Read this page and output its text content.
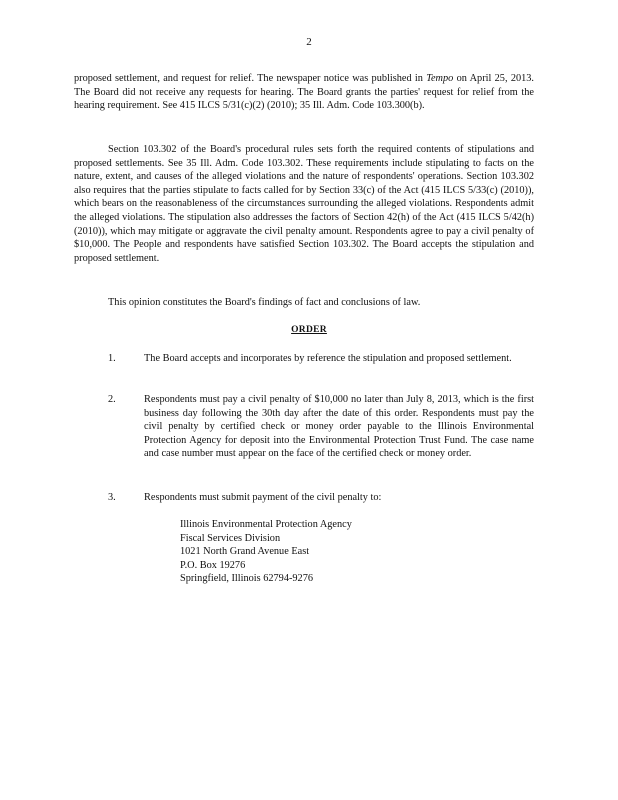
2

proposed settlement, and request for relief. The newspaper notice was published in Tempo on April 25, 2013. The Board did not receive any requests for hearing. The Board grants the parties' request for relief from the hearing requirement. See 415 ILCS 5/31(c)(2) (2010); 35 Ill. Adm. Code 103.300(b).

Section 103.302 of the Board's procedural rules sets forth the required contents of stipulations and proposed settlements. See 35 Ill. Adm. Code 103.302. These requirements include stipulating to facts on the nature, extent, and causes of the alleged violations and the nature of respondents' operations. Section 103.302 also requires that the parties stipulate to facts called for by Section 33(c) of the Act (415 ILCS 5/33(c) (2010)), which bears on the reasonableness of the circumstances surrounding the alleged violations. Respondents admit the alleged violations. The stipulation also addresses the factors of Section 42(h) of the Act (415 ILCS 5/42(h) (2010)), which may mitigate or aggravate the civil penalty amount. Respondents agree to pay a civil penalty of $10,000. The People and respondents have satisfied Section 103.302. The Board accepts the stipulation and proposed settlement.

This opinion constitutes the Board's findings of fact and conclusions of law.

ORDER
1.	The Board accepts and incorporates by reference the stipulation and proposed settlement.
2.	Respondents must pay a civil penalty of $10,000 no later than July 8, 2013, which is the first business day following the 30th day after the date of this order. Respondents must pay the civil penalty by certified check or money order payable to the Illinois Environmental Protection Agency for deposit into the Environmental Protection Trust Fund. The case name and case number must appear on the face of the certified check or money order.
3.	Respondents must submit payment of the civil penalty to:
Illinois Environmental Protection Agency
Fiscal Services Division
1021 North Grand Avenue East
P.O. Box 19276
Springfield, Illinois 62794-9276
